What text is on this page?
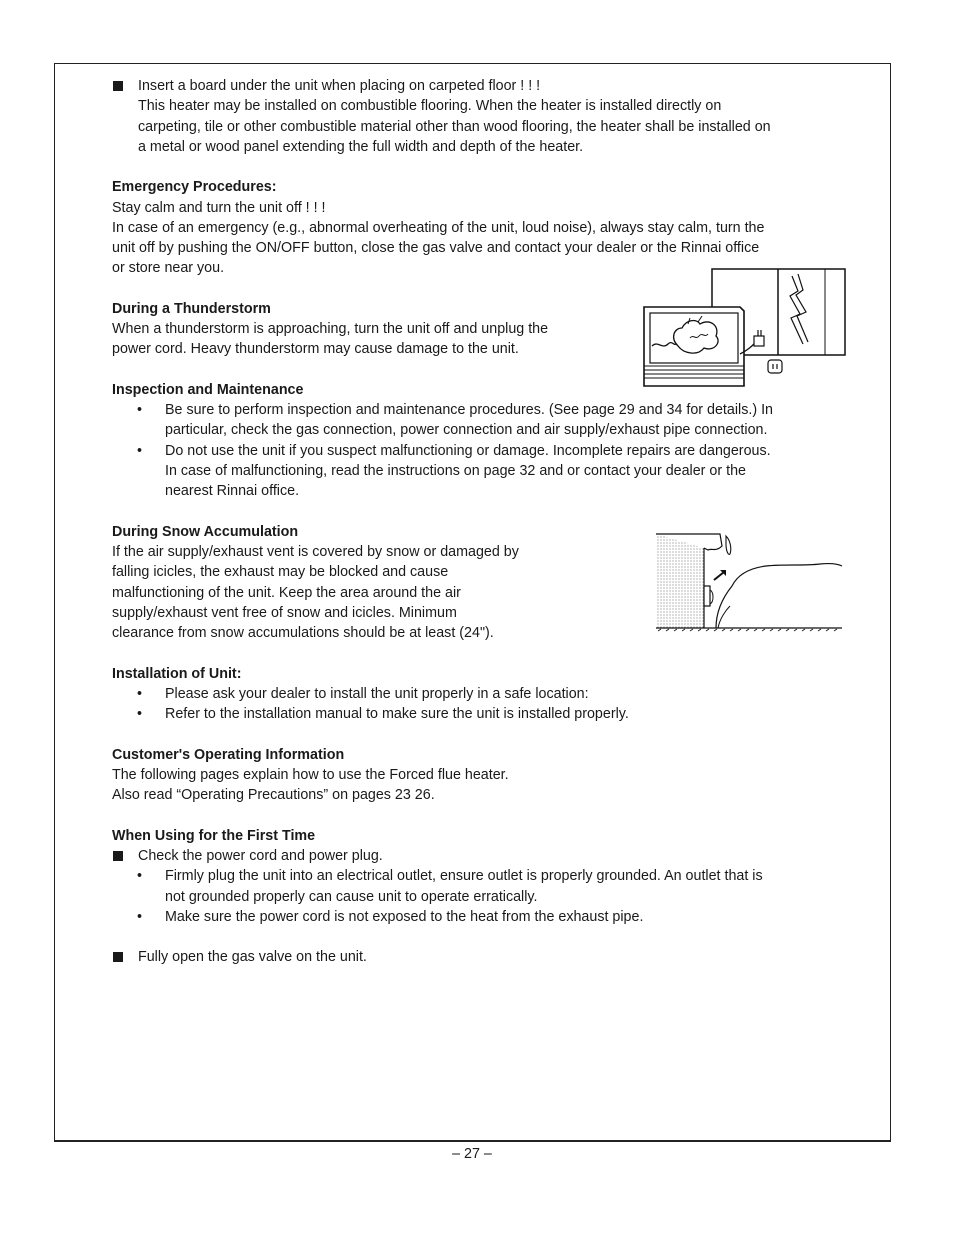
Insert a board under the unit when placing on carpeted floor ! ! !
This heater may be installed on combustible flooring. When the heater is installed directly on
carpeting, tile or other combustible material other than wood flooring, the heater shall be installed on
a metal or wood panel extending the full width and depth of the heater.
Emergency Procedures:
Stay calm and turn the unit off ! ! !
In case of an emergency (e.g., abnormal overheating of the unit, loud noise), always stay calm, turn the
unit off by pushing the ON/OFF button, close the gas valve and contact your dealer or the Rinnai office
or store near you.
During a Thunderstorm
When a thunderstorm is approaching, turn the unit off and unplug the
power cord. Heavy thunderstorm may cause damage to the unit.
Inspection and Maintenance
• Be sure to perform inspection and maintenance procedures. (See page 29 and 34 for details.) In
particular, check the gas connection, power connection and air supply/exhaust pipe connection.
• Do not use the unit if you suspect malfunctioning or damage. Incomplete repairs are dangerous.
In case of malfunctioning, read the instructions on page 32 and or contact your dealer or the
nearest Rinnai office.
During Snow Accumulation
If the air supply/exhaust vent is covered by snow or damaged by
falling icicles, the exhaust may be blocked and cause
malfunctioning of the unit. Keep the area around the air
supply/exhaust vent free of snow and icicles. Minimum
clearance from snow accumulations should be at least (24").
Installation of Unit:
• Please ask your dealer to install the unit properly in a safe location:
• Refer to the installation manual to make sure the unit is installed properly.
Customer's Operating Information
The following pages explain how to use the Forced flue heater.
Also read “Operating Precautions” on pages 23 26.
When Using for the First Time
Check the power cord and power plug.
• Firmly plug the unit into an electrical outlet, ensure outlet is properly grounded. An outlet that is
not grounded properly can cause unit to operate erratically.
• Make sure the power cord is not exposed to the heat from the exhaust pipe.
Fully open the gas valve on the unit.
– 27 –
